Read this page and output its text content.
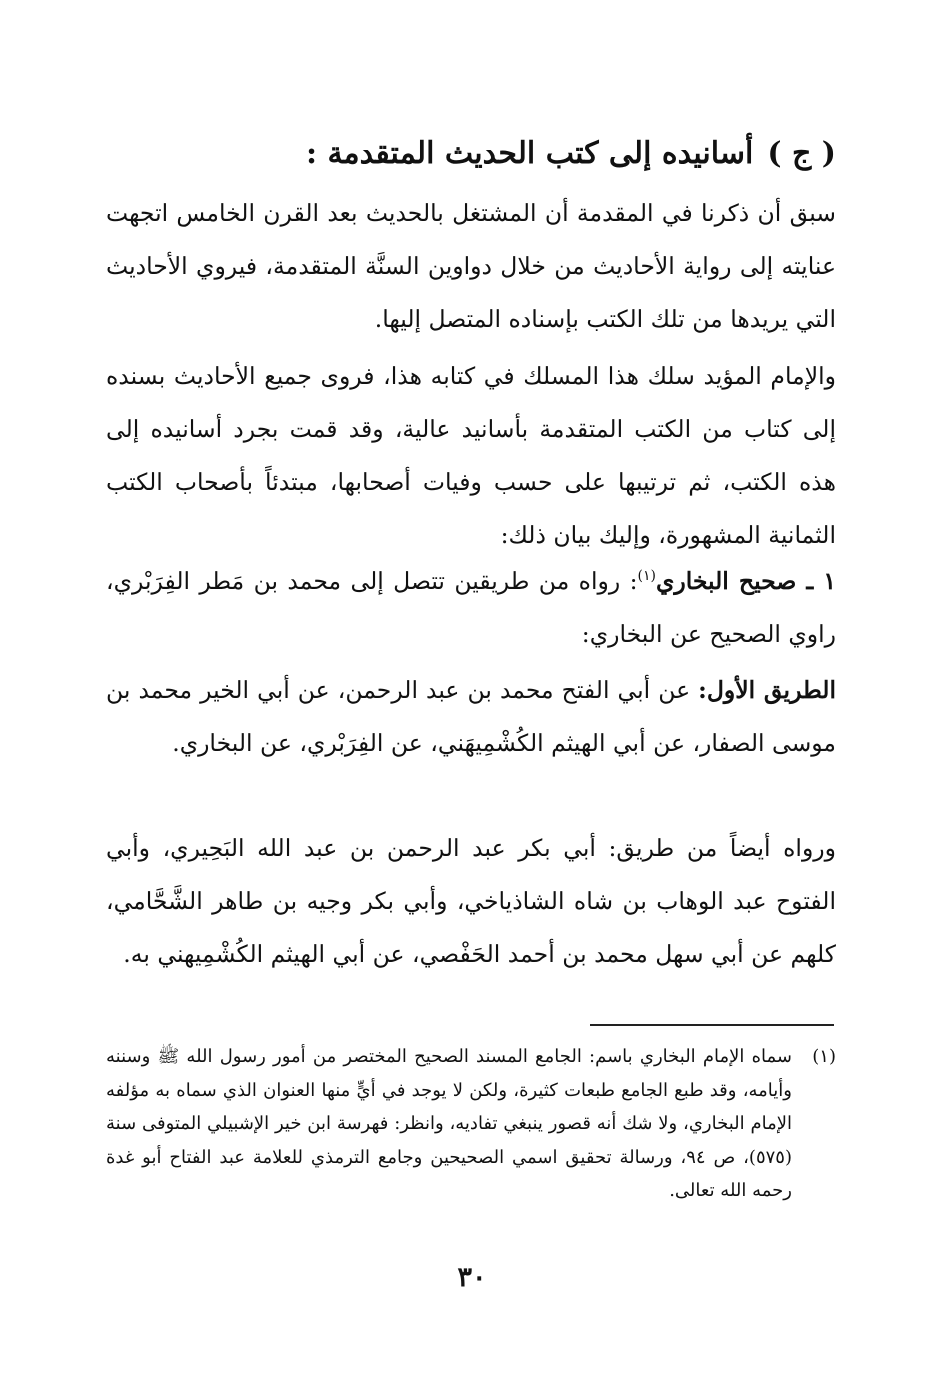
( ج )أسانيده إلى كتب الحديث المتقدمة :
سبق أن ذكرنا في المقدمة أن المشتغل بالحديث بعد القرن الخامس اتجهت عنايته إلى رواية الأحاديث من خلال دواوين السنَّة المتقدمة، فيروي الأحاديث التي يريدها من تلك الكتب بإسناده المتصل إليها.
والإمام المؤيد سلك هذا المسلك في كتابه هذا، فروى جميع الأحاديث بسنده إلى كتاب من الكتب المتقدمة بأسانيد عالية، وقد قمت بجرد أسانيده إلى هذه الكتب، ثم ترتيبها على حسب وفيات أصحابها، مبتدئاً بأصحاب الكتب الثمانية المشهورة، وإليك بيان ذلك:
١ ـ صحيح البخاري$^{(١)}$: رواه من طريقين تتصل إلى محمد بن مَطر الفِرَبْري، راوي الصحيح عن البخاري:
الطريق الأول: عن أبي الفتح محمد بن عبد الرحمن، عن أبي الخير محمد بن موسى الصفار، عن أبي الهيثم الكُشْمِيهَني، عن الفِرَبْري، عن البخاري.
ورواه أيضاً من طريق: أبي بكر عبد الرحمن بن عبد الله البَحِيري، وأبي الفتوح عبد الوهاب بن شاه الشاذياخي، وأبي بكر وجيه بن طاهر الشَّحَّامي، كلهم عن أبي سهل محمد بن أحمد الحَفْصي، عن أبي الهيثم الكُشْمِيهني به.
(١)
سماه الإمام البخاري باسم: الجامع المسند الصحيح المختصر من أمور رسول الله ﷺ وسننه وأيامه، وقد طبع الجامع طبعات كثيرة، ولكن لا يوجد في أيٍّ منها العنوان الذي سماه به مؤلفه الإمام البخاري، ولا شك أنه قصور ينبغي تفاديه، وانظر: فهرسة ابن خير الإشبيلي المتوفى سنة (٥٧٥)، ص ٩٤، ورسالة تحقيق اسمي الصحيحين وجامع الترمذي للعلامة عبد الفتاح أبو غدة رحمه الله تعالى.
٣٠
